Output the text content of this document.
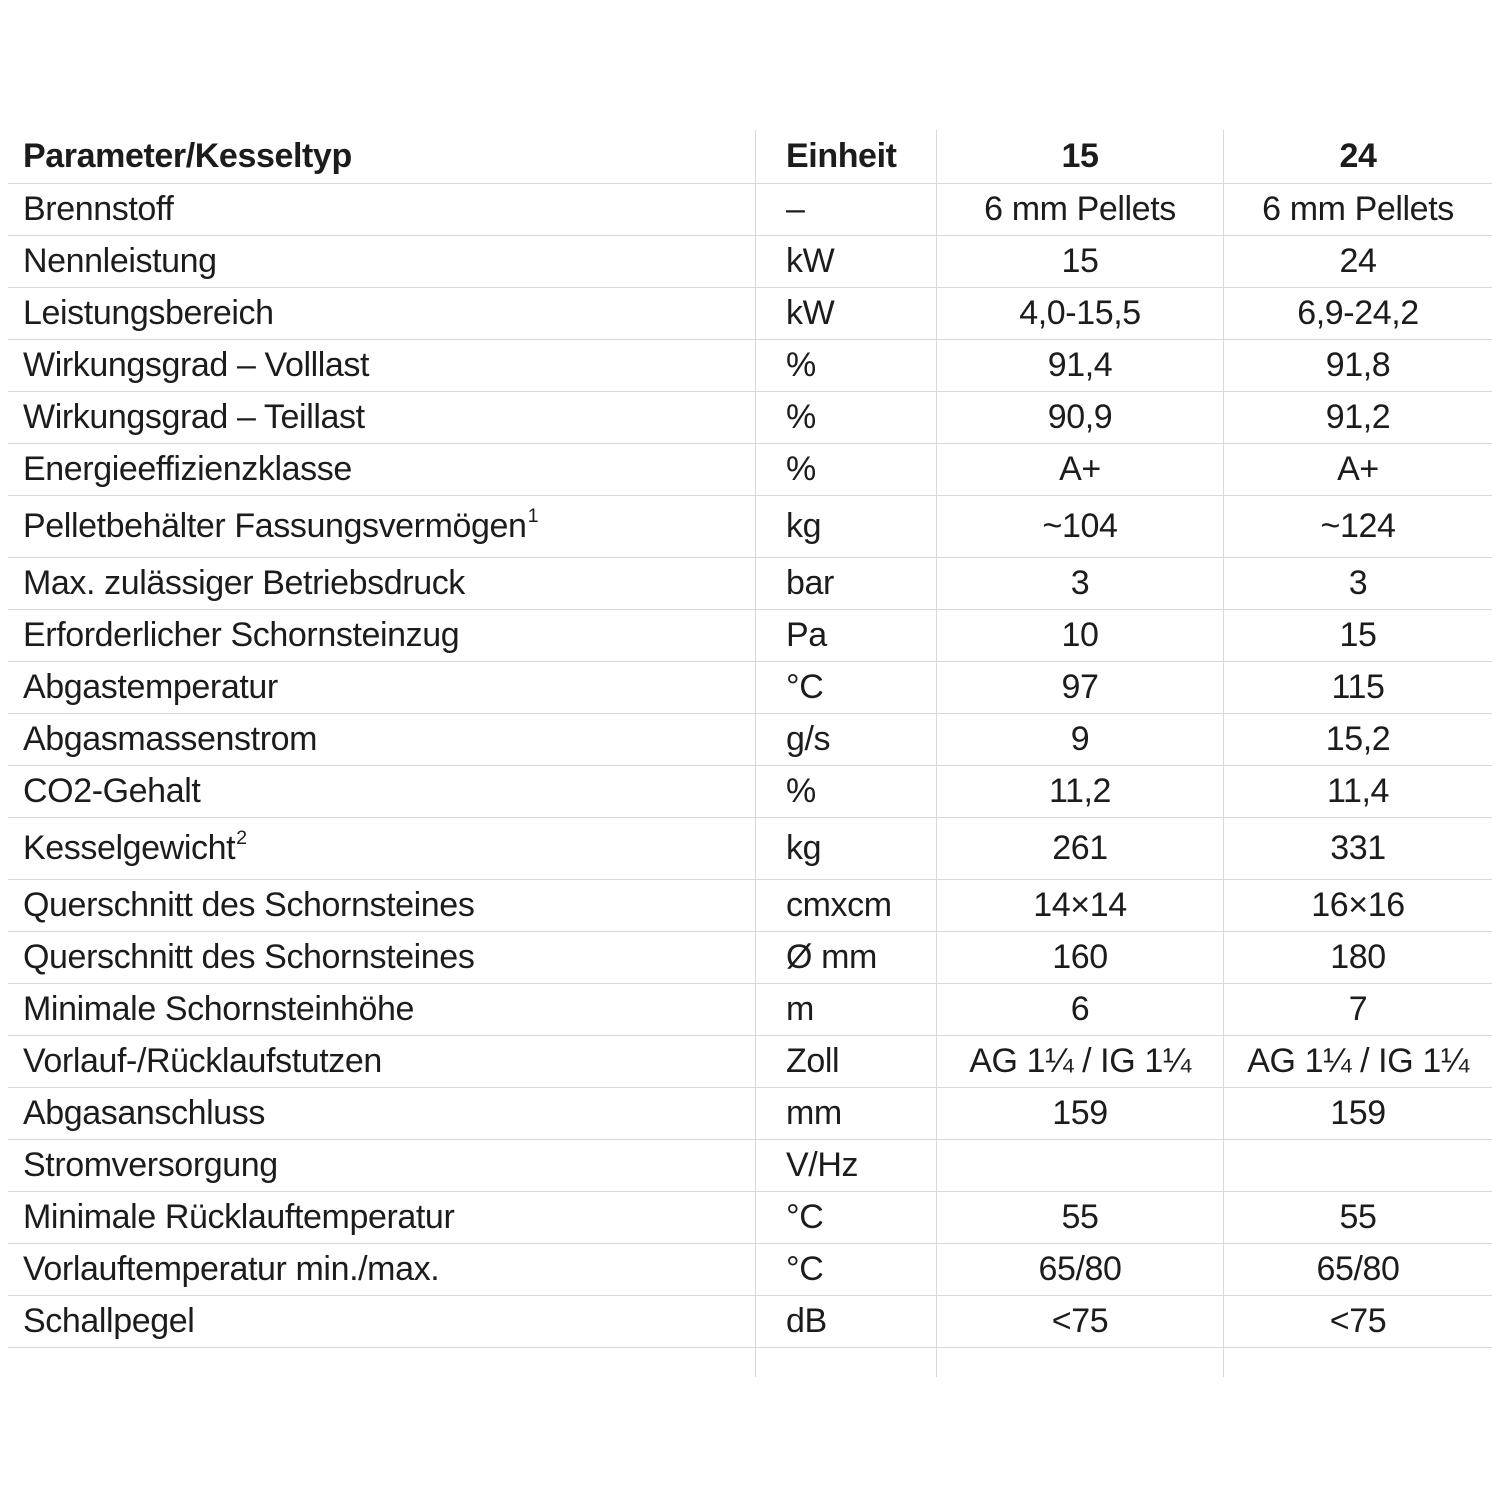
Parameter/Kesseltyp	Einheit	15	24
Brennstoff	–	6 mm Pellets	6 mm Pellets
Nennleistung	kW	15	24
Leistungsbereich	kW	4,0-15,5	6,9-24,2
Wirkungsgrad – Volllast	%	91,4	91,8
Wirkungsgrad – Teillast	%	90,9	91,2
Energieeffizienzklasse	%	A+	A+
Pelletbehälter Fassungsvermögen$^1$	kg	~104	~124
Max. zulässiger Betriebsdruck	bar	3	3
Erforderlicher Schornsteinzug	Pa	10	15
Abgastemperatur	°C	97	115
Abgasmassenstrom	g/s	9	15,2
CO2-Gehalt	%	11,2	11,4
Kesselgewicht$^2$	kg	261	331
Querschnitt des Schornsteines	cmxcm	14×14	16×16
Querschnitt des Schornsteines	Ø mm	160	180
Minimale Schornsteinhöhe	m	6	7
Vorlauf-/Rücklaufstutzen	Zoll	AG 1¼ / IG 1¼	AG 1¼ / IG 1¼
Abgasanschluss	mm	159	159
Stromversorgung	V/Hz
Minimale Rücklauftemperatur	°C	55	55
Vorlauftemperatur min./max.	°C	65/80	65/80
Schallpegel	dB	<75	<75
